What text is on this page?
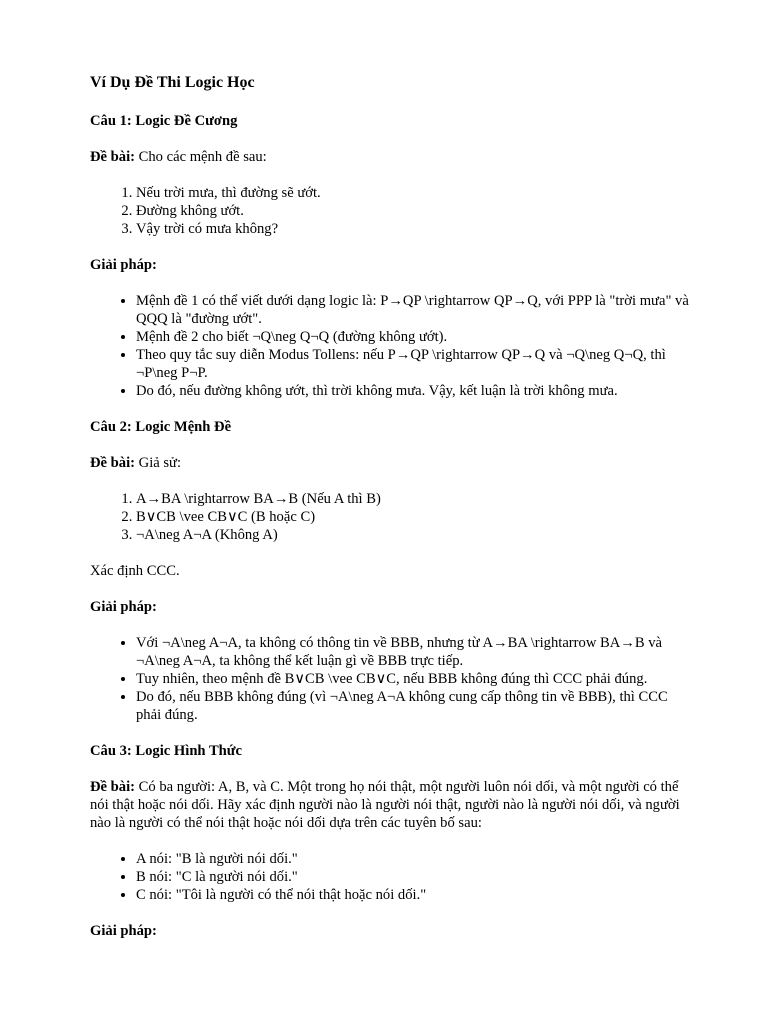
Ví Dụ Đề Thi Logic Học
Câu 1: Logic Đề Cương

Đề bài: Cho các mệnh đề sau:

1. Nếu trời mưa, thì đường sẽ ướt.
2. Đường không ướt.
3. Vậy trời có mưa không?
Giải pháp:
• Mệnh đề 1 có thể viết dưới dạng logic là: P→QP \rightarrow QP→Q, với PPP là "trời mưa" và QQQ là "đường ướt".
• Mệnh đề 2 cho biết ¬Q\neg Q¬Q (đường không ướt).
• Theo quy tắc suy diễn Modus Tollens: nếu P→QP \rightarrow QP→Q và ¬Q\neg Q¬Q, thì ¬P\neg P¬P.
• Do đó, nếu đường không ướt, thì trời không mưa. Vậy, kết luận là trời không mưa.
Câu 2: Logic Mệnh Đề

Đề bài: Giả sử:

1. A→BA \rightarrow BA→B (Nếu A thì B)
2. B∨CB \vee CB∨C (B hoặc C)
3. ¬A\neg A¬A (Không A)

Xác định CCC.

Giải pháp:
• Với ¬A\neg A¬A, ta không có thông tin về BBB, nhưng từ A→BA \rightarrow BA→B và ¬A\neg A¬A, ta không thể kết luận gì về BBB trực tiếp.
• Tuy nhiên, theo mệnh đề B∨CB \vee CB∨C, nếu BBB không đúng thì CCC phải đúng.
• Do đó, nếu BBB không đúng (vì ¬A\neg A¬A không cung cấp thông tin về BBB), thì CCC phải đúng.
Câu 3: Logic Hình Thức

Đề bài: Có ba người: A, B, và C. Một trong họ nói thật, một người luôn nói dối, và một người có thể nói thật hoặc nói dối. Hãy xác định người nào là người nói thật, người nào là người nói dối, và người nào là người có thể nói thật hoặc nói dối dựa trên các tuyên bố sau:

• A nói: "B là người nói dối."
• B nói: "C là người nói dối."
• C nói: "Tôi là người có thể nói thật hoặc nói dối."
Giải pháp:
